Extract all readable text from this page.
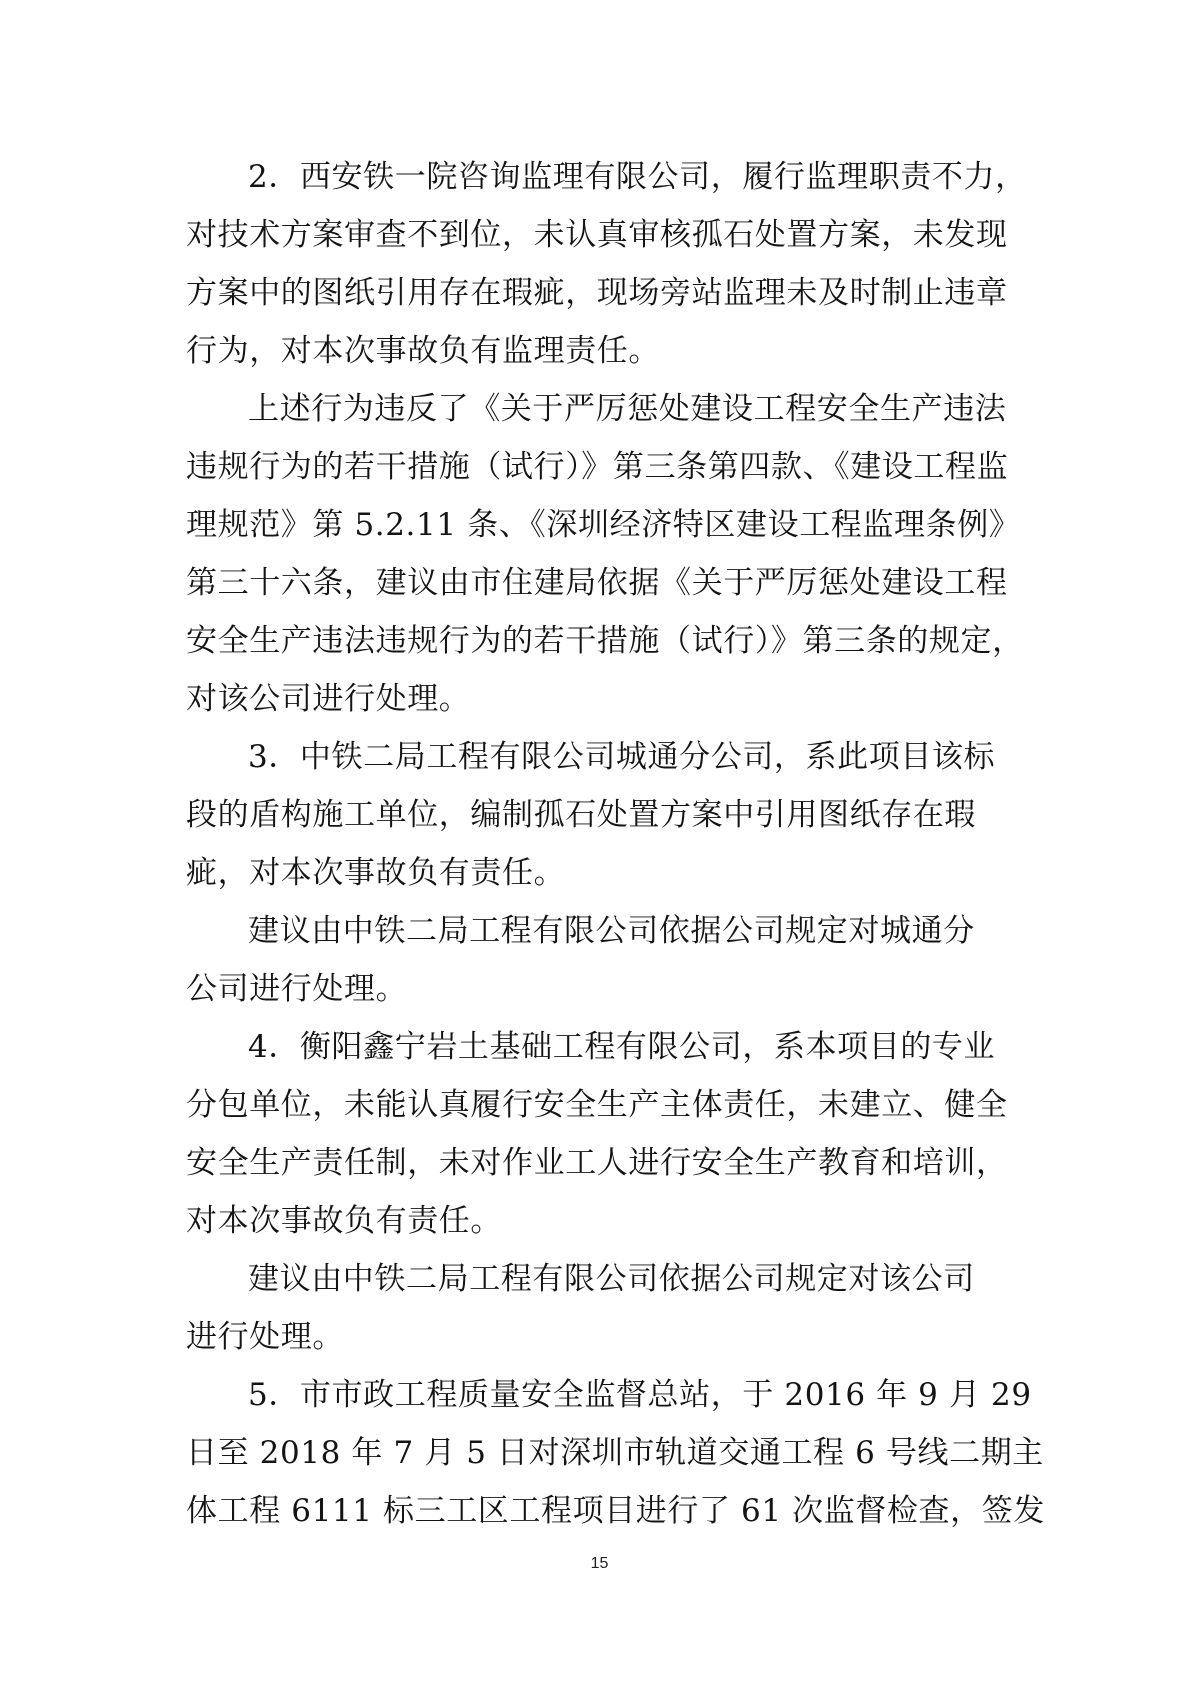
2．西安铁一院咨询监理有限公司，履行监理职责不力，
对技术方案审查不到位，未认真审核孤石处置方案，未发现
方案中的图纸引用存在瑕疵，现场旁站监理未及时制止违章
行为，对本次事故负有监理责任。
上述行为违反了《关于严厉惩处建设工程安全生产违法
违规行为的若干措施（试行）》第三条第四款、《建设工程监
理规范》第 5.2.11 条、《深圳经济特区建设工程监理条例》
第三十六条，建议由市住建局依据《关于严厉惩处建设工程
安全生产违法违规行为的若干措施（试行）》第三条的规定，
对该公司进行处理。
3．中铁二局工程有限公司城通分公司，系此项目该标
段的盾构施工单位，编制孤石处置方案中引用图纸存在瑕
疵，对本次事故负有责任。
建议由中铁二局工程有限公司依据公司规定对城通分
公司进行处理。
4．衡阳鑫宁岩土基础工程有限公司，系本项目的专业
分包单位，未能认真履行安全生产主体责任，未建立、健全
安全生产责任制，未对作业工人进行安全生产教育和培训，
对本次事故负有责任。
建议由中铁二局工程有限公司依据公司规定对该公司
进行处理。
5．市市政工程质量安全监督总站，于 2016 年 9 月 29
日至 2018 年 7 月 5 日对深圳市轨道交通工程 6 号线二期主
体工程 6111 标三工区工程项目进行了 61 次监督检查，签发
15
